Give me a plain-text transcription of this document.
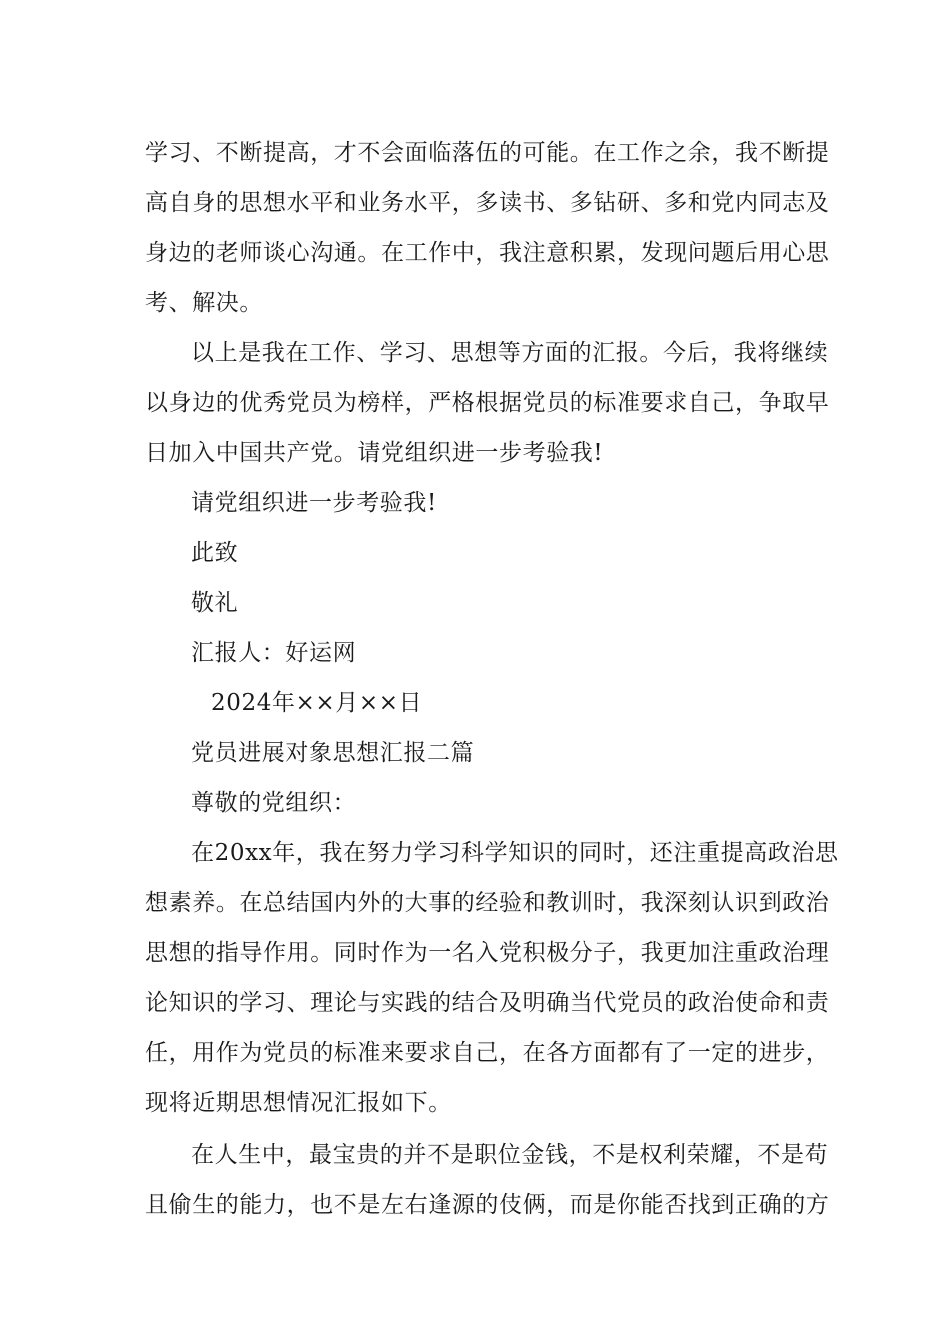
学习、不断提高，才不会面临落伍的可能。在工作之余，我不断提
高自身的思想水平和业务水平，多读书、多钻研、多和党内同志及
身边的老师谈心沟通。在工作中，我注意积累，发现问题后用心思
考、解决。
以上是我在工作、学习、思想等方面的汇报。今后，我将继续
以身边的优秀党员为榜样，严格根据党员的标准要求自己，争取早
日加入中国共产党。请党组织进一步考验我!
请党组织进一步考验我!
此致
敬礼
汇报人：好运网
2024年××月××日
党员进展对象思想汇报二篇
尊敬的党组织：
在20xx年，我在努力学习科学知识的同时，还注重提高政治思
想素养。在总结国内外的大事的经验和教训时，我深刻认识到政治
思想的指导作用。同时作为一名入党积极分子，我更加注重政治理
论知识的学习、理论与实践的结合及明确当代党员的政治使命和责
任，用作为党员的标准来要求自己，在各方面都有了一定的进步，
现将近期思想情况汇报如下。
在人生中，最宝贵的并不是职位金钱，不是权利荣耀，不是苟
且偷生的能力，也不是左右逢源的伎俩，而是你能否找到正确的方
